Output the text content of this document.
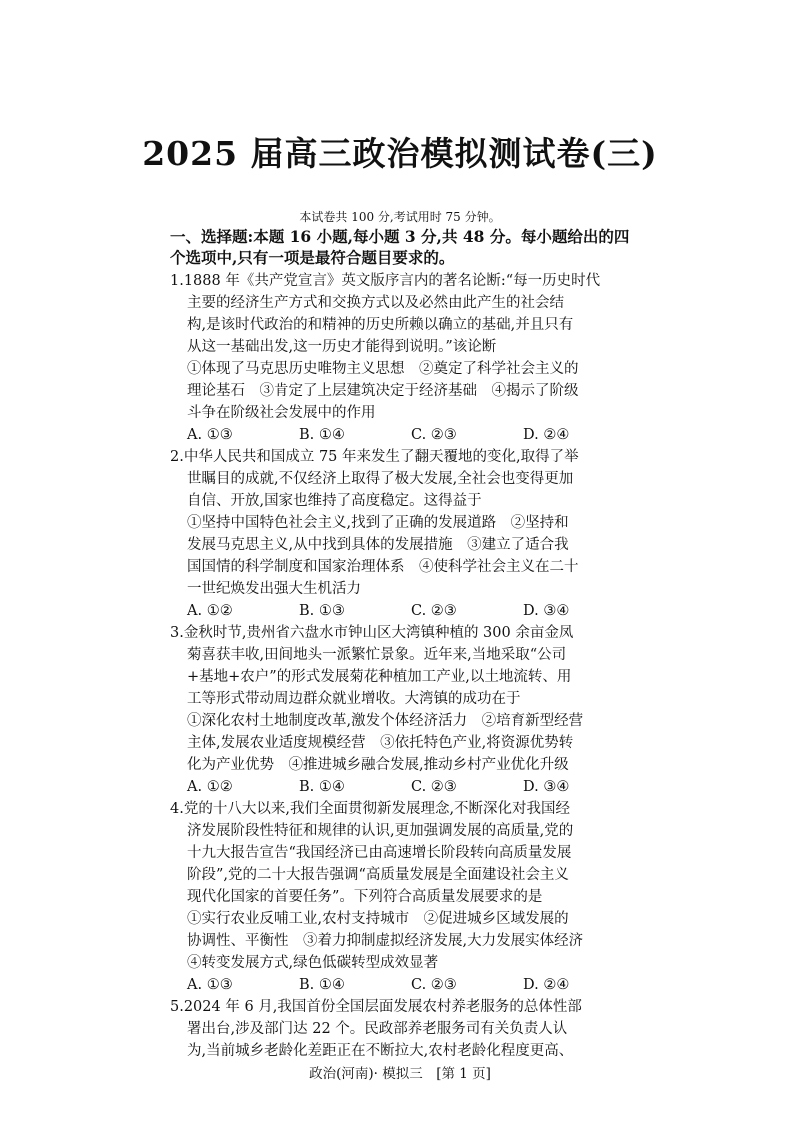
2025 届高三政治模拟测试卷(三)
本试卷共 100 分,考试用时 75 分钟。
一、选择题:本题 16 小题,每小题 3 分,共 48 分。每小题给出的四
个选项中,只有一项是最符合题目要求的。
1.1888 年《共产党宣言》英文版序言内的著名论断:“每一历史时代
主要的经济生产方式和交换方式以及必然由此产生的社会结
构,是该时代政治的和精神的历史所赖以确立的基础,并且只有
从这一基础出发,这一历史才能得到说明。”该论断
①体现了马克思历史唯物主义思想　②奠定了科学社会主义的
理论基石　③肯定了上层建筑决定于经济基础　④揭示了阶级
斗争在阶级社会发展中的作用
A. ①③	B. ①④	C. ②③	D. ②④
2.中华人民共和国成立 75 年来发生了翻天覆地的变化,取得了举
世瞩目的成就,不仅经济上取得了极大发展,全社会也变得更加
自信、开放,国家也维持了高度稳定。这得益于
①坚持中国特色社会主义,找到了正确的发展道路　②坚持和
发展马克思主义,从中找到具体的发展措施　③建立了适合我
国国情的科学制度和国家治理体系　④使科学社会主义在二十
一世纪焕发出强大生机活力
A. ①②	B. ①③	C. ②③	D. ③④
3.金秋时节,贵州省六盘水市钟山区大湾镇种植的 300 余亩金凤
菊喜获丰收,田间地头一派繁忙景象。近年来,当地采取“公司
+基地+农户”的形式发展菊花种植加工产业,以土地流转、用
工等形式带动周边群众就业增收。大湾镇的成功在于
①深化农村土地制度改革,激发个体经济活力　②培育新型经营
主体,发展农业适度规模经营　③依托特色产业,将资源优势转
化为产业优势　④推进城乡融合发展,推动乡村产业优化升级
A. ①②	B. ①④	C. ②③	D. ③④
4.党的十八大以来,我们全面贯彻新发展理念,不断深化对我国经
济发展阶段性特征和规律的认识,更加强调发展的高质量,党的
十九大报告宣告“我国经济已由高速增长阶段转向高质量发展
阶段”,党的二十大报告强调“高质量发展是全面建设社会主义
现代化国家的首要任务”。下列符合高质量发展要求的是
①实行农业反哺工业,农村支持城市　②促进城乡区域发展的
协调性、平衡性　③着力抑制虚拟经济发展,大力发展实体经济
④转变发展方式,绿色低碳转型成效显著
A. ①③	B. ①④	C. ②③	D. ②④
5.2024 年 6 月,我国首份全国层面发展农村养老服务的总体性部
署出台,涉及部门达 22 个。民政部养老服务司有关负责人认
为,当前城乡老龄化差距正在不断拉大,农村老龄化程度更高、
政治(河南)· 模拟三　[第 1 页]
